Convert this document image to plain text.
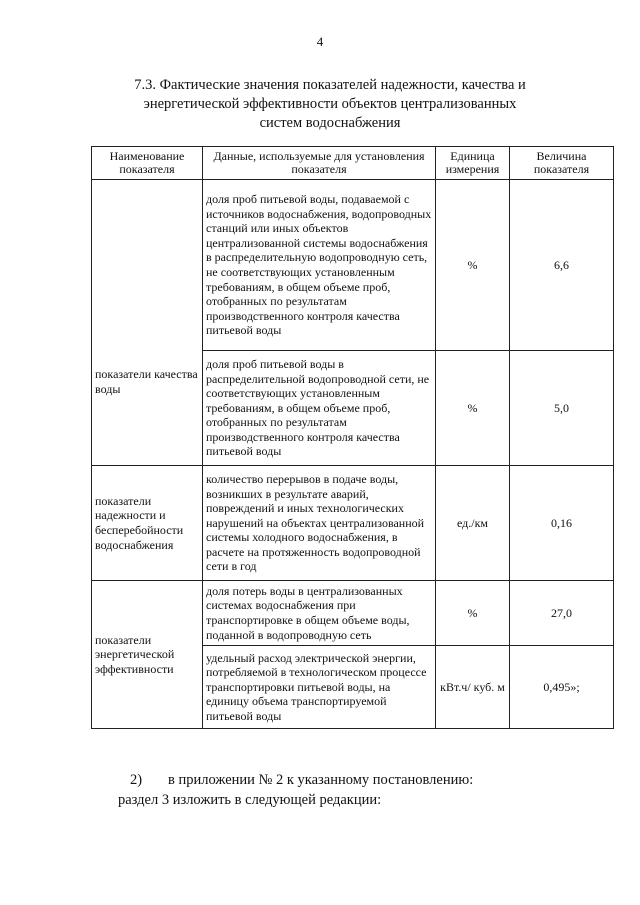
4
7.3. Фактические значения показателей надежности, качества и
энергетической эффективности объектов централизованных
систем водоснабжения
Наименование показателя	Данные, используемые для установления показателя	Единица измерения	Величина показателя
показатели качества воды	доля проб питьевой воды, подаваемой с источников водоснабжения, водопроводных станций или иных объектов централизованной системы водоснабжения в распределительную водопроводную сеть, не соответствующих установленным требованиям, в общем объеме проб, отобранных по результатам производственного контроля качества питьевой воды	%	6,6
	доля проб питьевой воды в распределительной водопроводной сети, не соответствующих установленным требованиям, в общем объеме проб, отобранных по результатам производственного контроля качества питьевой воды	%	5,0
показатели надежности и бесперебойности водоснабжения	количество перерывов в подаче воды, возникших в результате аварий, повреждений и иных технологических нарушений на объектах централизованной системы холодного водоснабжения, в расчете на протяженность водопроводной сети в год	ед./км	0,16
показатели энергетической эффективности	доля потерь воды в централизованных системах водоснабжения при транспортировке в общем объеме воды, поданной в водопроводную сеть	%	27,0
	удельный расход электрической энергии, потребляемой в технологическом процессе транспортировки питьевой воды, на единицу объема транспортируемой питьевой воды	кВт.ч/ куб. м	0,495»;
2) в приложении № 2 к указанному постановлению:
раздел 3 изложить в следующей редакции:
